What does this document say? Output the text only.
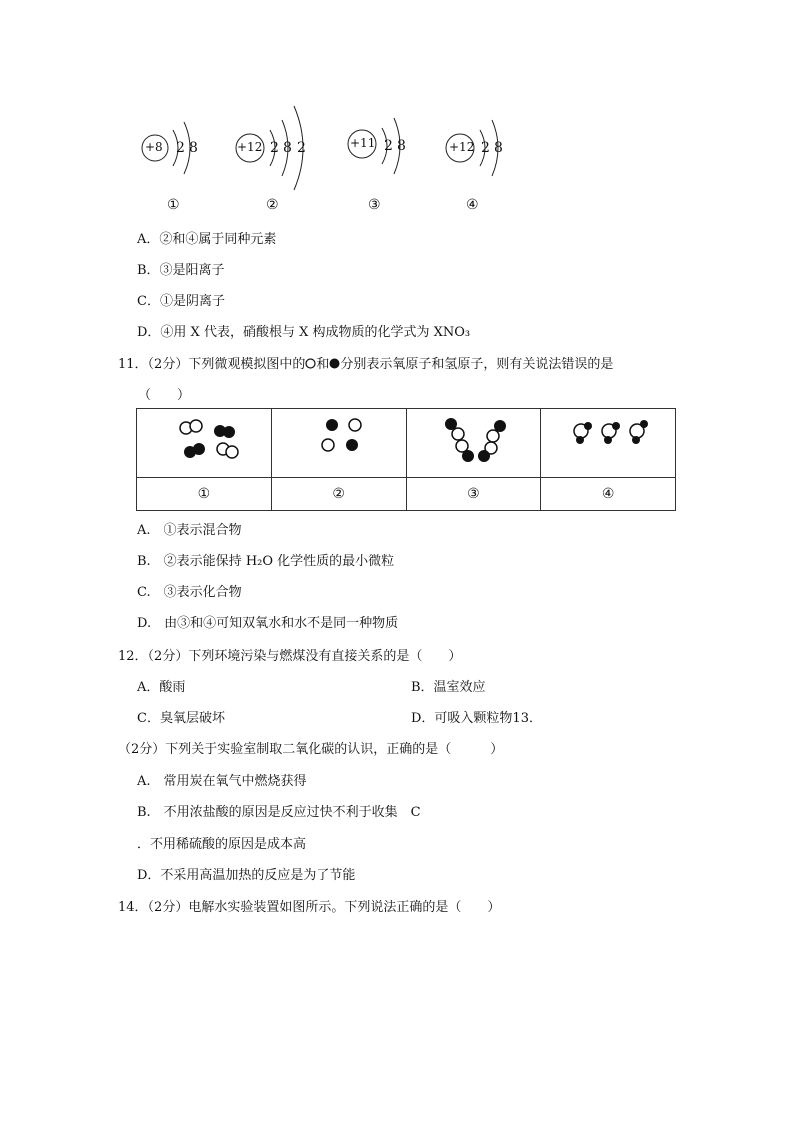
+8 2 8
①
+12 2 8 2
②
+11 2 8
③
+12 2 8
④
A．②和④属于同种元素
B．③是阳离子
C．①是阴离子
D．④用 X 代表，硝酸根与 X 构成物质的化学式为 XNO₃
11．（2分）下列微观模拟图中的 和 分别表示氧原子和氢原子，则有关说法错误的是
（　　）

①	②	③	④
A.　①表示混合物
B.　②表示能保持 H₂O 化学性质的最小微粒
C.　③表示化合物
D.　由③和④可知双氧水和水不是同一种物质
12．（2分）下列环境污染与燃煤没有直接关系的是（　　）
A．酸雨	B．温室效应
C．臭氧层破坏	D．可吸入颗粒物13．
（2分）下列关于实验室制取二氧化碳的认识，正确的是（　　　）
A.　常用炭在氧气中燃烧获得
B.　不用浓盐酸的原因是反应过快不利于收集　C
．不用稀硫酸的原因是成本高
D．不采用高温加热的反应是为了节能
14．（2分）电解水实验装置如图所示。下列说法正确的是（　　）
